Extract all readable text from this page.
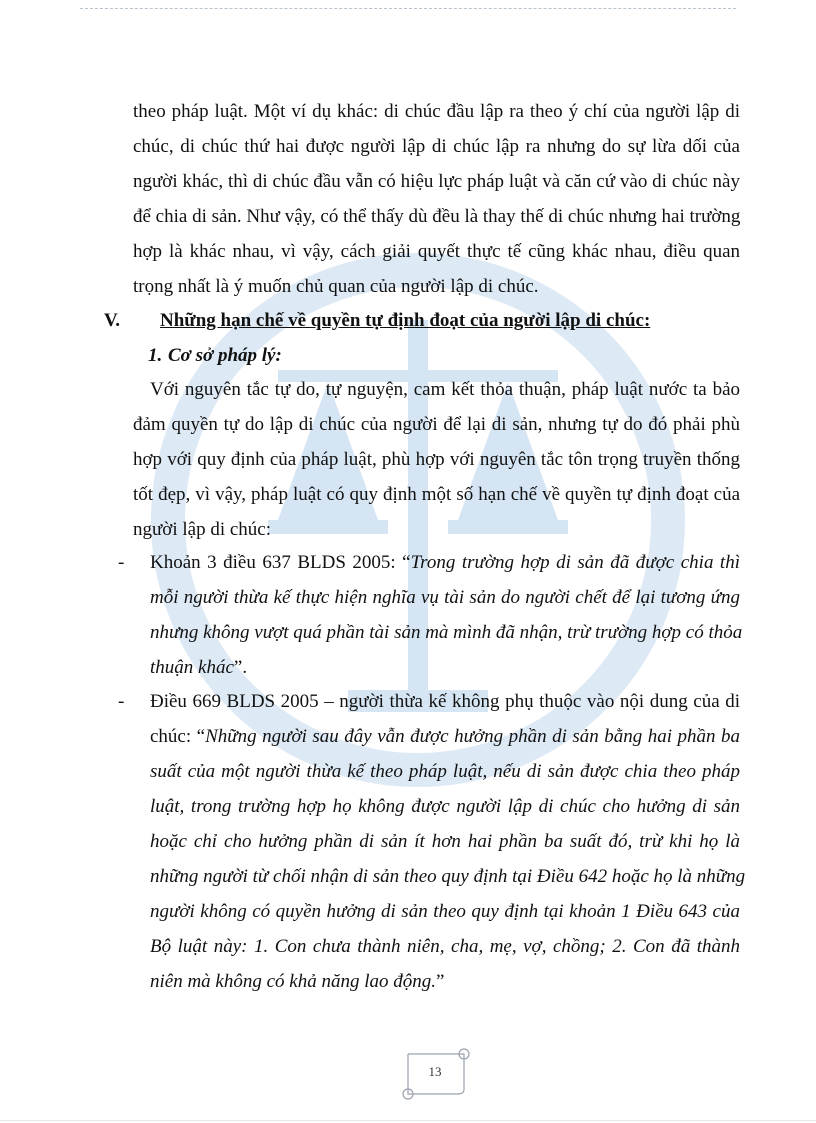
theo pháp luật. Một ví dụ khác: di chúc đầu lập ra theo ý chí của người lập di
chúc, di chúc thứ hai được người lập di chúc lập ra nhưng do sự lừa dối của
người khác, thì di chúc đầu vẫn có hiệu lực pháp luật và căn cứ vào di chúc này
để chia di sản. Như vậy, có thể thấy dù đều là thay thế di chúc nhưng hai trường
hợp là khác nhau, vì vậy, cách giải quyết thực tế cũng khác nhau, điều quan
trọng nhất là ý muốn chủ quan của người lập di chúc.
V. Những hạn chế về quyền tự định đoạt của người lập di chúc:
1. Cơ sở pháp lý:
Với nguyên tắc tự do, tự nguyện, cam kết thỏa thuận, pháp luật nước ta bảo
đảm quyền tự do lập di chúc của người để lại di sản, nhưng tự do đó phải phù
hợp với quy định của pháp luật, phù hợp với nguyên tắc tôn trọng truyền thống
tốt đẹp, vì vậy, pháp luật có quy định một số hạn chế về quyền tự định đoạt của
người lập di chúc:
- Khoản 3 điều 637 BLDS 2005: “Trong trường hợp di sản đã được chia thì
mỗi người thừa kế thực hiện nghĩa vụ tài sản do người chết để lại tương ứng
nhưng không vượt quá phần tài sản mà mình đã nhận, trừ trường hợp có thỏa
thuận khác”.
- Điều 669 BLDS 2005 – người thừa kế không phụ thuộc vào nội dung của di
chúc: “Những người sau đây vẫn được hưởng phần di sản bằng hai phần ba
suất của một người thừa kế theo pháp luật, nếu di sản được chia theo pháp
luật, trong trường hợp họ không được người lập di chúc cho hưởng di sản
hoặc chỉ cho hưởng phần di sản ít hơn hai phần ba suất đó, trừ khi họ là
những người từ chối nhận di sản theo quy định tại Điều 642 hoặc họ là những
người không có quyền hưởng di sản theo quy định tại khoản 1 Điều 643 của
Bộ luật này: 1. Con chưa thành niên, cha, mẹ, vợ, chồng; 2. Con đã thành
niên mà không có khả năng lao động.”
13
